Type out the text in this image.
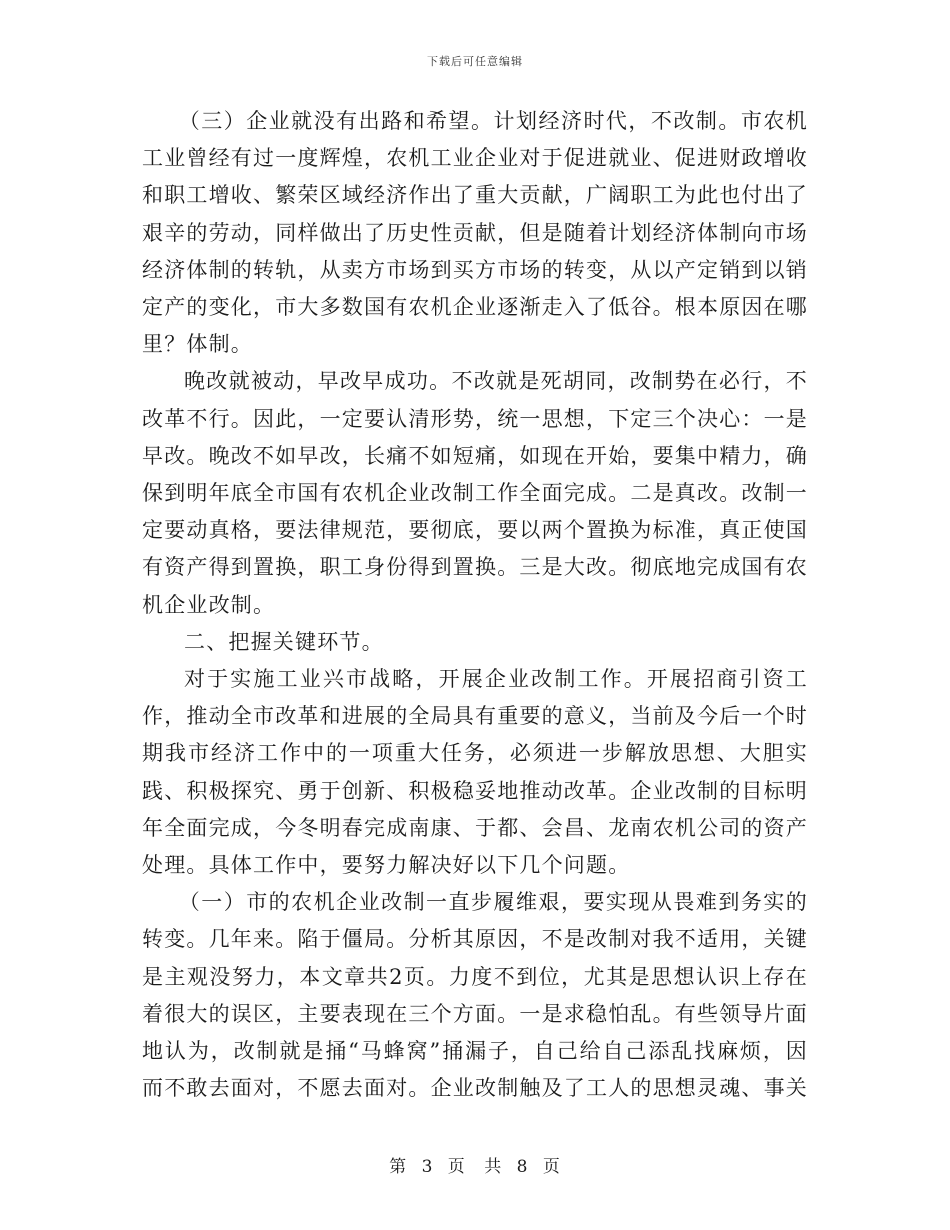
下载后可任意编辑

（三）企业就没有出路和希望。计划经济时代，不改制。市农机工业曾经有过一度辉煌，农机工业企业对于促进就业、促进财政增收和职工增收、繁荣区域经济作出了重大贡献，广阔职工为此也付出了艰辛的劳动，同样做出了历史性贡献，但是随着计划经济体制向市场经济体制的转轨，从卖方市场到买方市场的转变，从以产定销到以销定产的变化，市大多数国有农机企业逐渐走入了低谷。根本原因在哪里？体制。

晚改就被动，早改早成功。不改就是死胡同，改制势在必行，不改革不行。因此，一定要认清形势，统一思想，下定三个决心：一是早改。晚改不如早改，长痛不如短痛，如现在开始，要集中精力，确保到明年底全市国有农机企业改制工作全面完成。二是真改。改制一定要动真格，要法律规范，要彻底，要以两个置换为标准，真正使国有资产得到置换，职工身份得到置换。三是大改。彻底地完成国有农机企业改制。

二、把握关键环节。

对于实施工业兴市战略，开展企业改制工作。开展招商引资工作，推动全市改革和进展的全局具有重要的意义，当前及今后一个时期我市经济工作中的一项重大任务，必须进一步解放思想、大胆实践、积极探究、勇于创新、积极稳妥地推动改革。企业改制的目标明年全面完成，今冬明春完成南康、于都、会昌、龙南农机公司的资产处理。具体工作中，要努力解决好以下几个问题。

（一）市的农机企业改制一直步履维艰，要实现从畏难到务实的转变。几年来。陷于僵局。分析其原因，不是改制对我不适用，关键是主观没努力，本文章共2页。力度不到位，尤其是思想认识上存在着很大的误区，主要表现在三个方面。一是求稳怕乱。有些领导片面地认为，改制就是捅“马蜂窝”捅漏子，自己给自己添乱找麻烦，因而不敢去面对，不愿去面对。企业改制触及了工人的思想灵魂、事关

第 3 页 共 8 页
